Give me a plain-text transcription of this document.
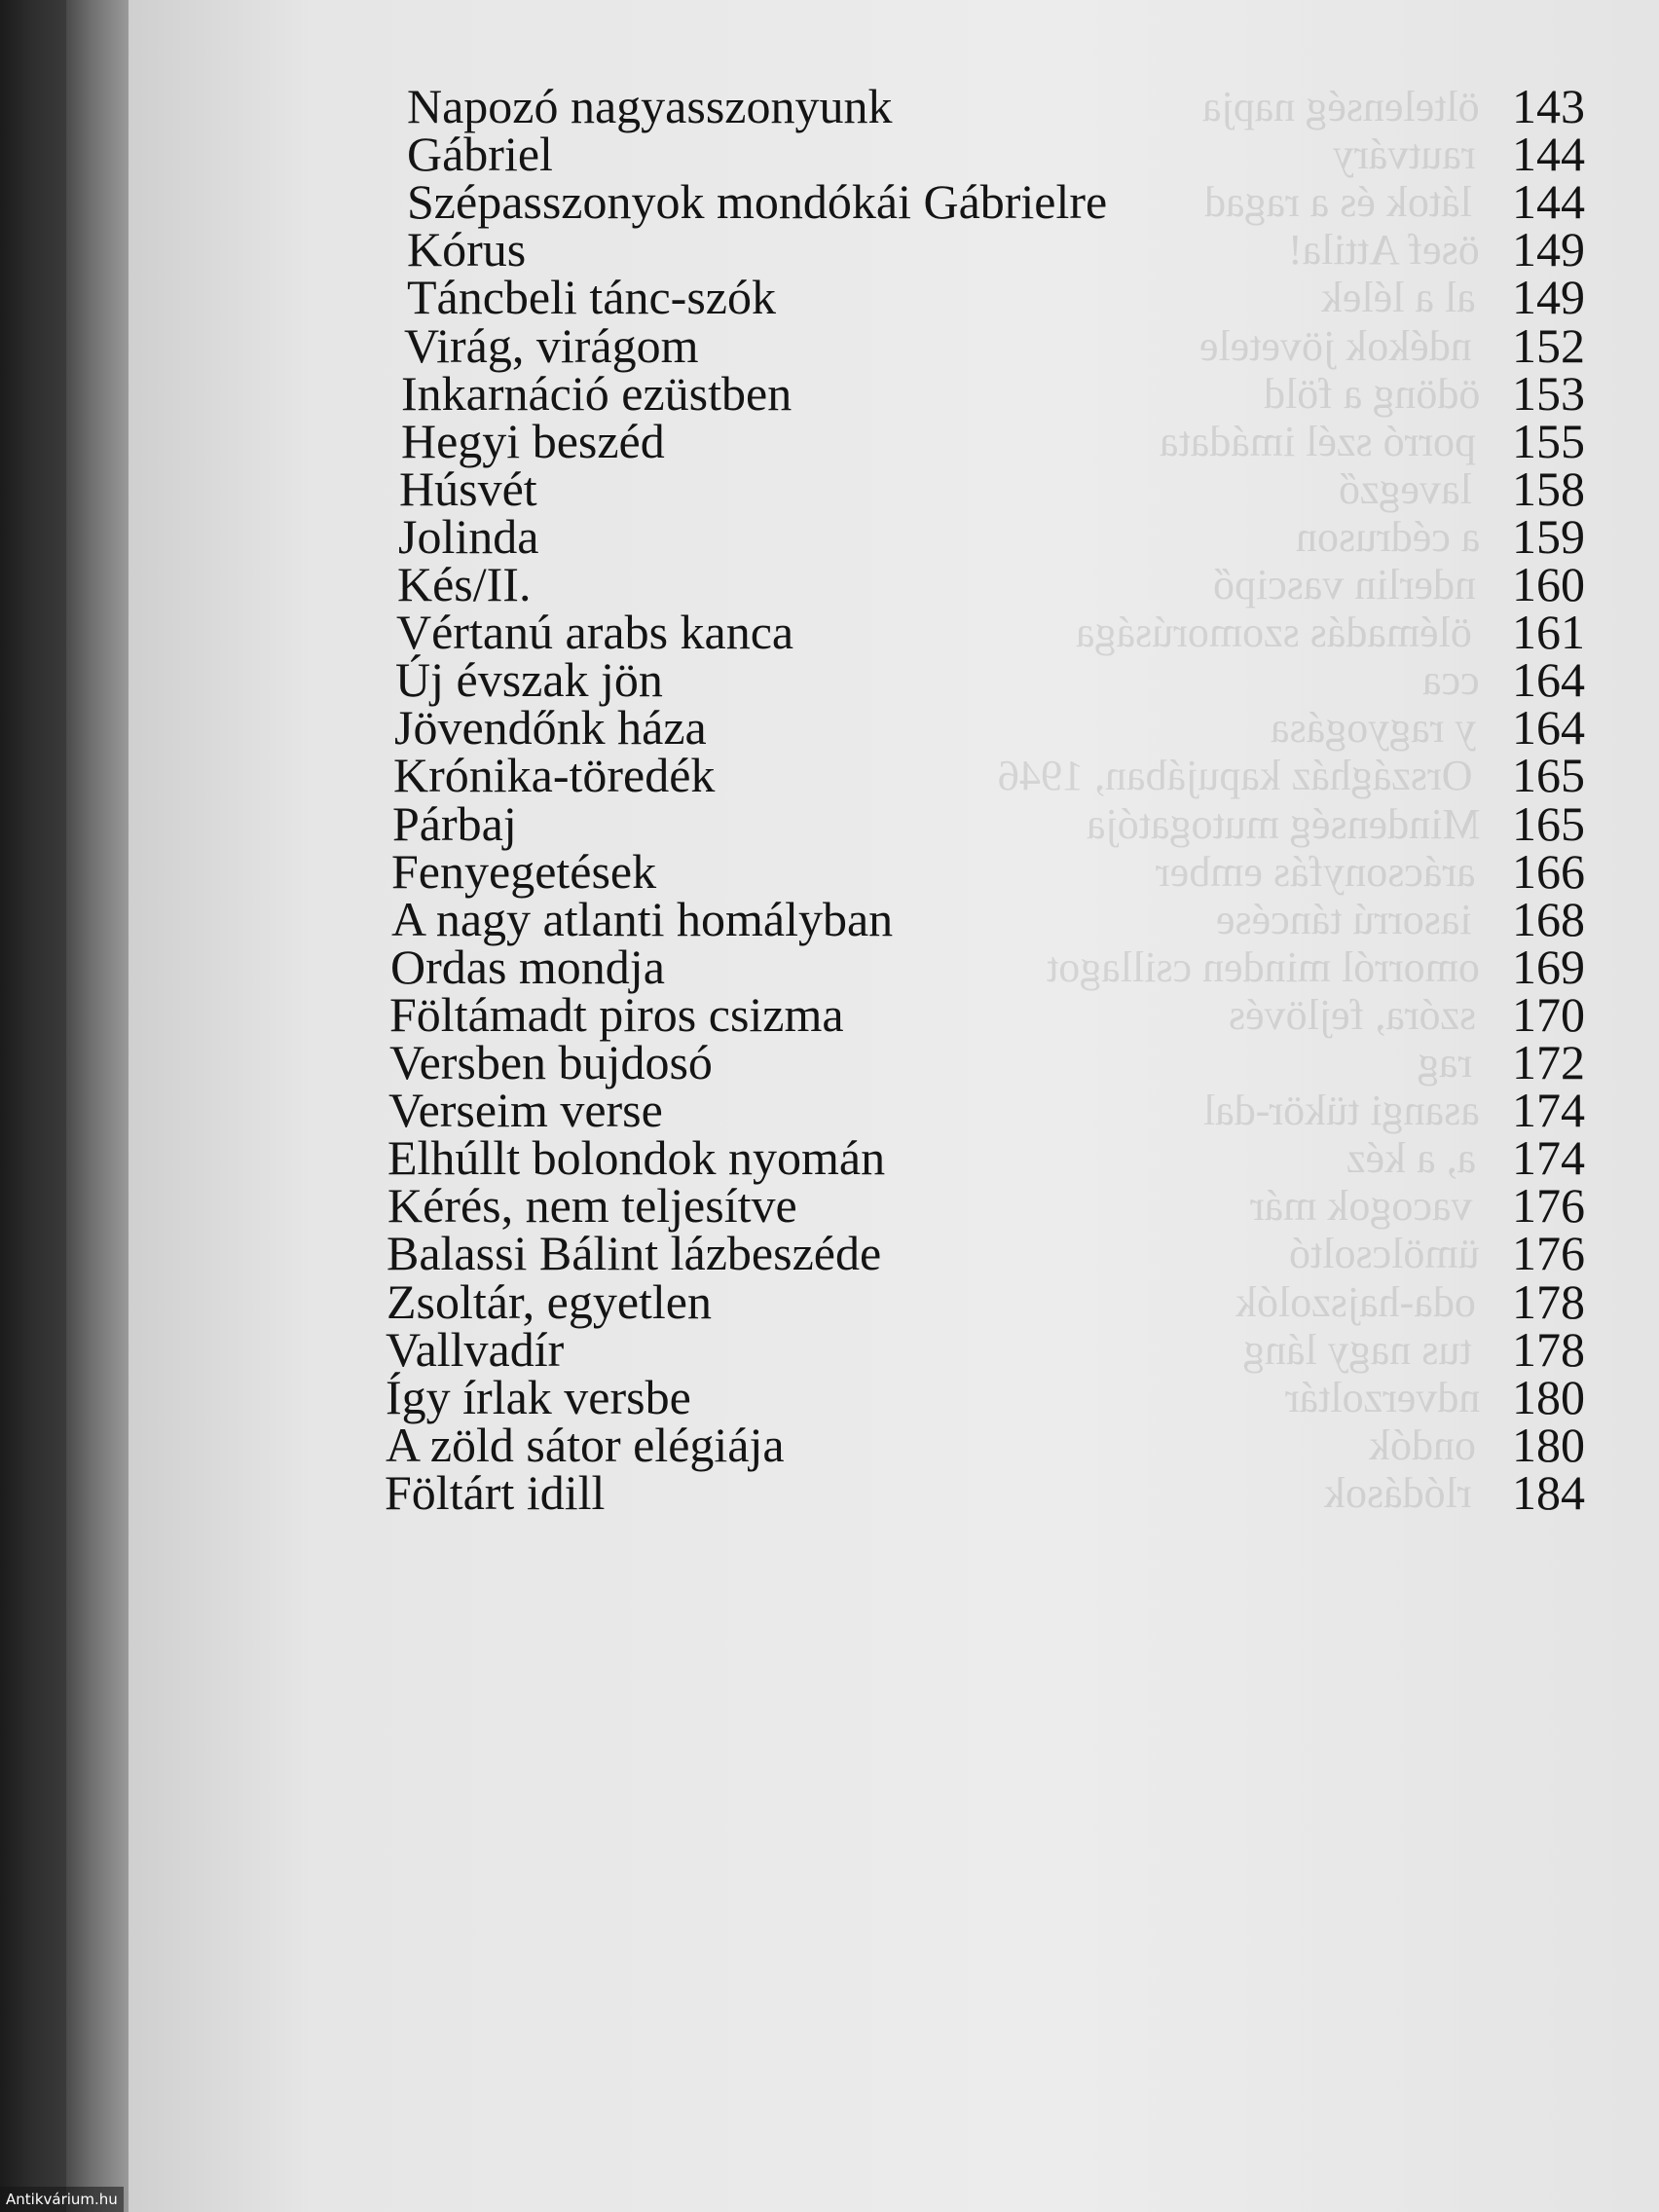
Napozó nagyasszonyunk	143
Gábriel	144
Szépasszonyok mondókái Gábrielre	144
Kórus	149
Táncbeli tánc-szók	149
Virág, virágom	152
Inkarnáció ezüstben	153
Hegyi beszéd	155
Húsvét	158
Jolinda	159
Kés/II.	160
Vértanú arabs kanca	161
Új évszak jön	164
Jövendőnk háza	164
Krónika-töredék	165
Párbaj	165
Fenyegetések	166
A nagy atlanti homályban	168
Ordas mondja	169
Föltámadt piros csizma	170
Versben bujdosó	172
Verseim verse	174
Elhúllt bolondok nyomán	174
Kérés, nem teljesítve	176
Balassi Bálint lázbeszéde	176
Zsoltár, egyetlen	178
Vallvadír	178
Így írlak versbe	180
A zöld sátor elégiája	180
Föltárt idill	184
Antikvárium.hu
